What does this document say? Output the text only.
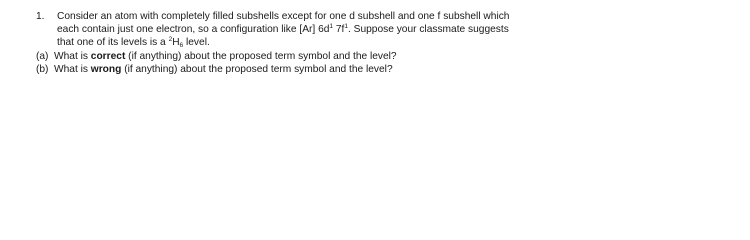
1. Consider an atom with completely filled subshells except for one d subshell and one f subshell which
each contain just one electron, so a configuration like [Ar] $6d^1$ $7f^1$. Suppose your classmate suggests
that one of its levels is a $^2$H6 level.
(a) What is correct (if anything) about the proposed term symbol and the level?
(b) What is wrong (if anything) about the proposed term symbol and the level?
